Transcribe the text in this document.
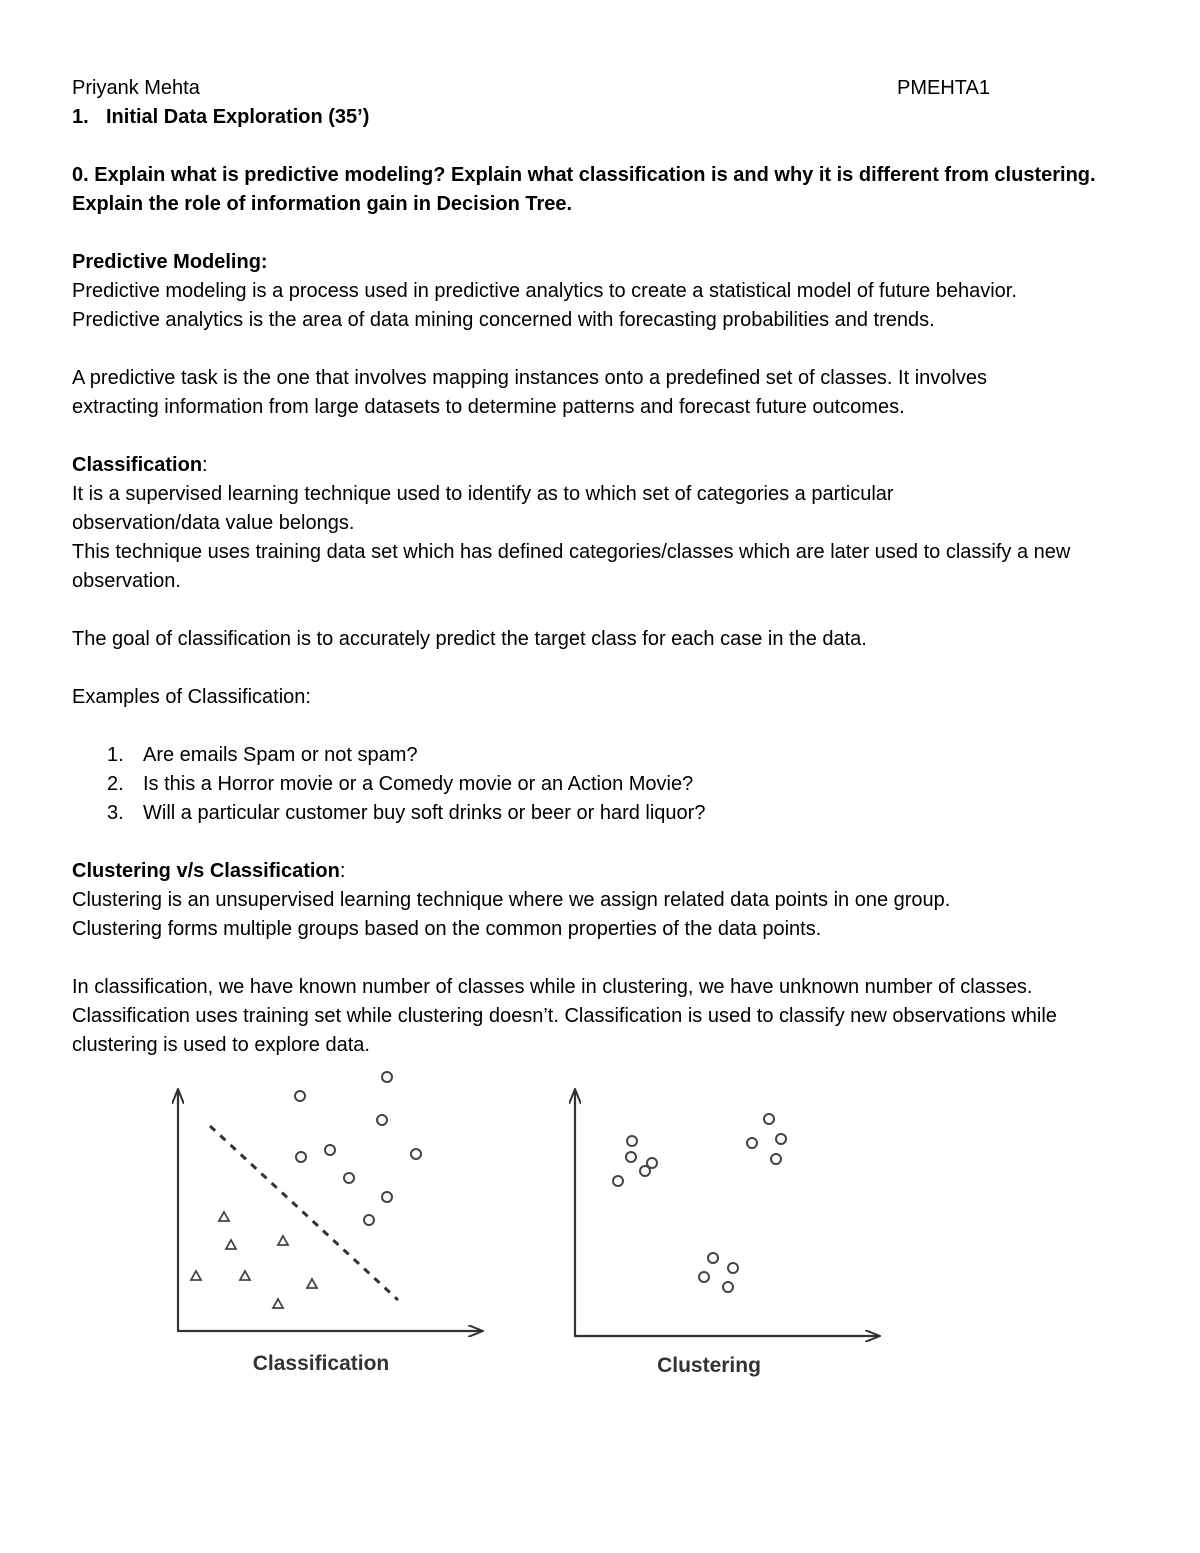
Priyank Mehta	PMEHTA1
1. Initial Data Exploration (35’)
0. Explain what is predictive modeling? Explain what classification is and why it is different from clustering. Explain the role of information gain in Decision Tree.
Predictive Modeling:
Predictive modeling is a process used in predictive analytics to create a statistical model of future behavior.
Predictive analytics is the area of data mining concerned with forecasting probabilities and trends.
A predictive task is the one that involves mapping instances onto a predefined set of classes. It involves extracting information from large datasets to determine patterns and forecast future outcomes.
Classification:
It is a supervised learning technique used to identify as to which set of categories a particular observation/data value belongs.
This technique uses training data set which has defined categories/classes which are later used to classify a new observation.
The goal of classification is to accurately predict the target class for each case in the data.
Examples of Classification:
1. Are emails Spam or not spam?
2. Is this a Horror movie or a Comedy movie or an Action Movie?
3. Will a particular customer buy soft drinks or beer or hard liquor?
Clustering v/s Classification:
Clustering is an unsupervised learning technique where we assign related data points in one group.
Clustering forms multiple groups based on the common properties of the data points.
In classification, we have known number of classes while in clustering, we have unknown number of classes. Classification uses training set while clustering doesn’t. Classification is used to classify new observations while clustering is used to explore data.
Classification	Clustering
